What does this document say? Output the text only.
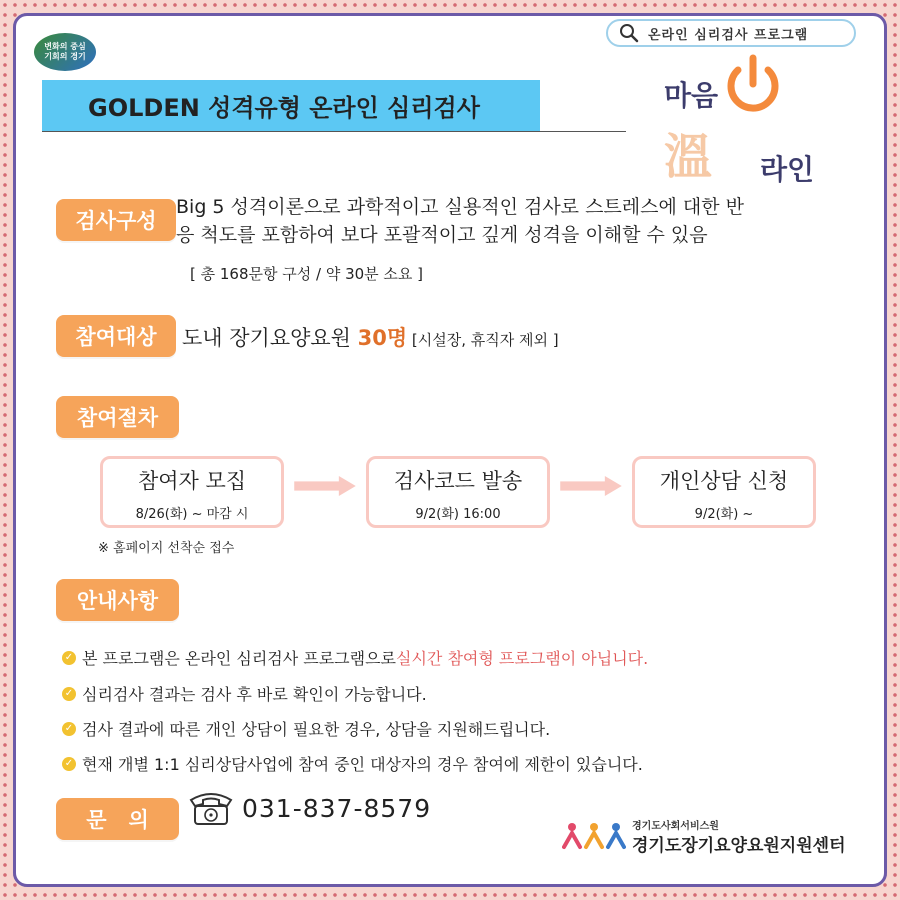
변화의 중심
기회의 경기
온라인 심리검사 프로그램
GOLDEN 성격유형 온라인 심리검사	마음
溫 라인
검사구성
Big 5 성격이론으로 과학적이고 실용적인 검사로 스트레스에 대한 반
응 척도를 포함하여 보다 포괄적이고 깊게 성격을 이해할 수 있음
[ 총 168문항 구성 / 약 30분 소요 ]
참여대상 도내 장기요양요원 30명 [시설장, 휴직자 제외 ]
참여절차
참여자 모집
8/26(화) ~ 마감 시
검사코드 발송
9/2(화) 16:00
개인상담 신청
9/2(화) ~
※ 홈페이지 선착순 접수
안내사항
✓ 본 프로그램은 온라인 심리검사 프로그램으로 실시간 참여형 프로그램이 아닙니다.
✓ 심리검사 결과는 검사 후 바로 확인이 가능합니다.
✓ 검사 결과에 따른 개인 상담이 필요한 경우, 상담을 지원해드립니다.
✓ 현재 개별 1:1 심리상담사업에 참여 중인 대상자의 경우 참여에 제한이 있습니다.
문   의	031-837-8579
경기도사회서비스원
경기도장기요양요원지원센터
